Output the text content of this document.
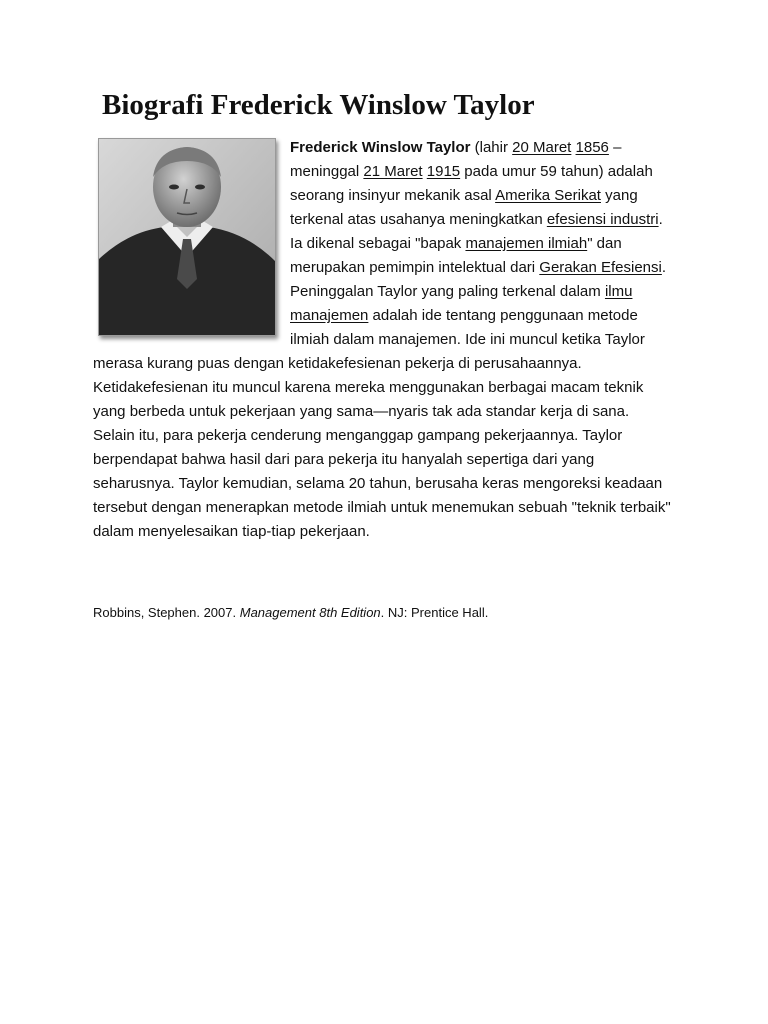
Biografi Frederick Winslow Taylor

Frederick Winslow Taylor (lahir 20 Maret 1856 – meninggal 21 Maret 1915 pada umur 59 tahun) adalah seorang insinyur mekanik asal Amerika Serikat yang terkenal atas usahanya meningkatkan efesiensi industri. Ia dikenal sebagai "bapak manajemen ilmiah" dan merupakan pemimpin intelektual dari Gerakan Efesiensi. Peninggalan Taylor yang paling terkenal dalam ilmu manajemen adalah ide tentang penggunaan metode ilmiah dalam manajemen. Ide ini muncul ketika Taylor merasa kurang puas dengan ketidakefesienan pekerja di perusahaannya. Ketidakefesienan itu muncul karena mereka menggunakan berbagai macam teknik yang berbeda untuk pekerjaan yang sama—nyaris tak ada standar kerja di sana. Selain itu, para pekerja cenderung menganggap gampang pekerjaannya. Taylor berpendapat bahwa hasil dari para pekerja itu hanyalah sepertiga dari yang seharusnya. Taylor kemudian, selama 20 tahun, berusaha keras mengoreksi keadaan tersebut dengan menerapkan metode ilmiah untuk menemukan sebuah "teknik terbaik" dalam menyelesaikan tiap-tiap pekerjaan.

Robbins, Stephen. 2007. Management 8th Edition. NJ: Prentice Hall.
